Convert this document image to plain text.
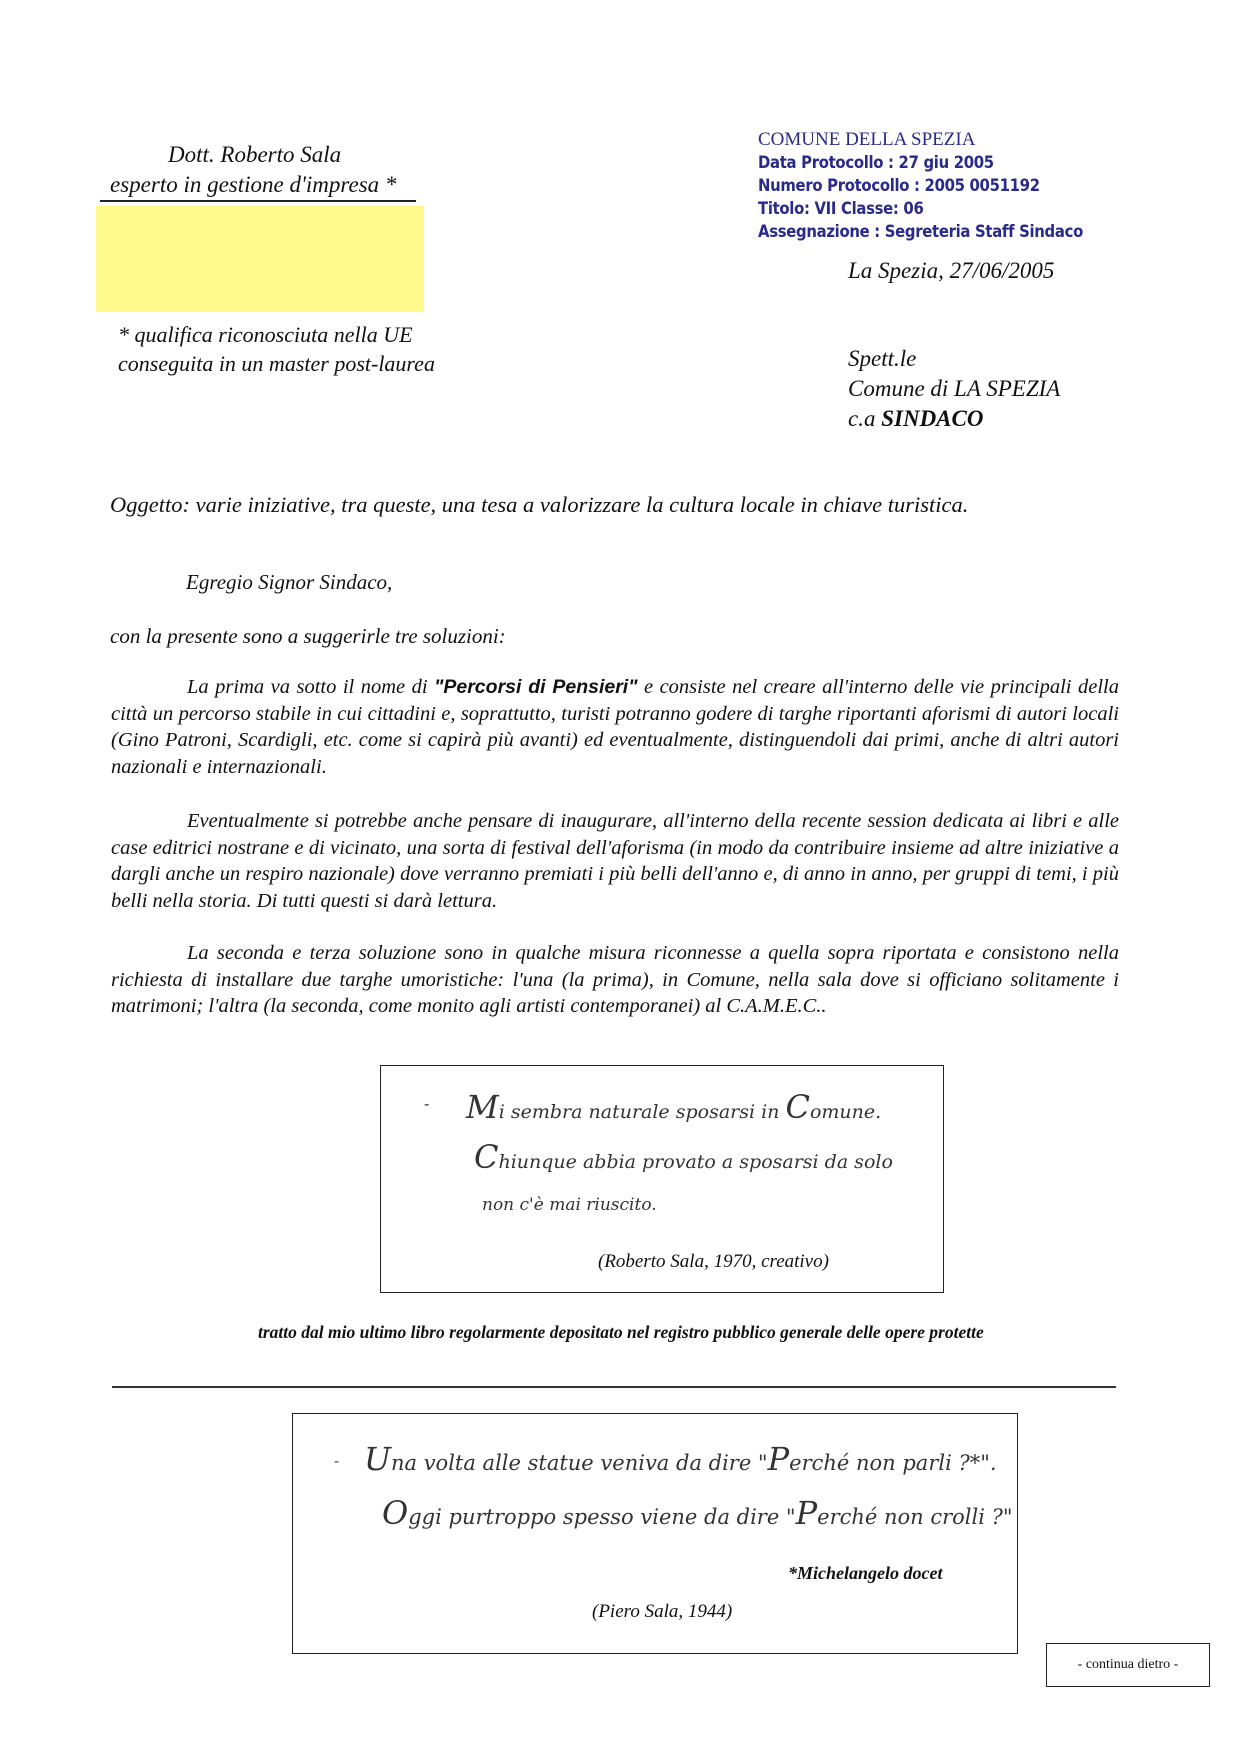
Dott. Roberto Sala
esperto in gestione d'impresa *
* qualifica riconosciuta nella UE
conseguita in un master post-laurea
COMUNE DELLA SPEZIA
Data Protocollo : 27 giu 2005
Numero Protocollo : 2005 0051192
Titolo: VII Classe: 06
Assegnazione : Segreteria Staff Sindaco
La Spezia, 27/06/2005
Spett.le
Comune di LA SPEZIA
c.a SINDACO
Oggetto: varie iniziative, tra queste, una tesa a valorizzare la cultura locale in chiave turistica.
Egregio Signor Sindaco,
con la presente sono a suggerirle tre soluzioni:
La prima va sotto il nome di "Percorsi di Pensieri" e consiste nel creare all'interno delle vie principali della città un percorso stabile in cui cittadini e, soprattutto, turisti potranno godere di targhe riportanti aforismi di autori locali (Gino Patroni, Scardigli, etc. come si capirà più avanti) ed eventualmente, distinguendoli dai primi, anche di altri autori nazionali e internazionali.
Eventualmente si potrebbe anche pensare di inaugurare, all'interno della recente session dedicata ai libri e alle case editrici nostrane e di vicinato, una sorta di festival dell'aforisma (in modo da contribuire insieme ad altre iniziative a dargli anche un respiro nazionale) dove verranno premiati i più belli dell'anno e, di anno in anno, per gruppi di temi, i più belli nella storia. Di tutti questi si darà lettura.
La seconda e terza soluzione sono in qualche misura riconnesse a quella sopra riportata e consistono nella richiesta di installare due targhe umoristiche: l'una (la prima), in Comune, nella sala dove si officiano solitamente i matrimoni; l'altra (la seconda, come monito agli artisti contemporanei) al C.A.M.E.C..
- Mi sembra naturale sposarsi in Comune.
Chiunque abbia provato a sposarsi da solo
non c'è mai riuscito.
(Roberto Sala, 1970, creativo)
tratto dal mio ultimo libro regolarmente depositato nel registro pubblico generale delle opere protette
- Una volta alle statue veniva da dire "Perché non parli ?*".
Oggi purtroppo spesso viene da dire "Perché non crolli ?"
*Michelangelo docet
(Piero Sala, 1944)
- continua dietro -
